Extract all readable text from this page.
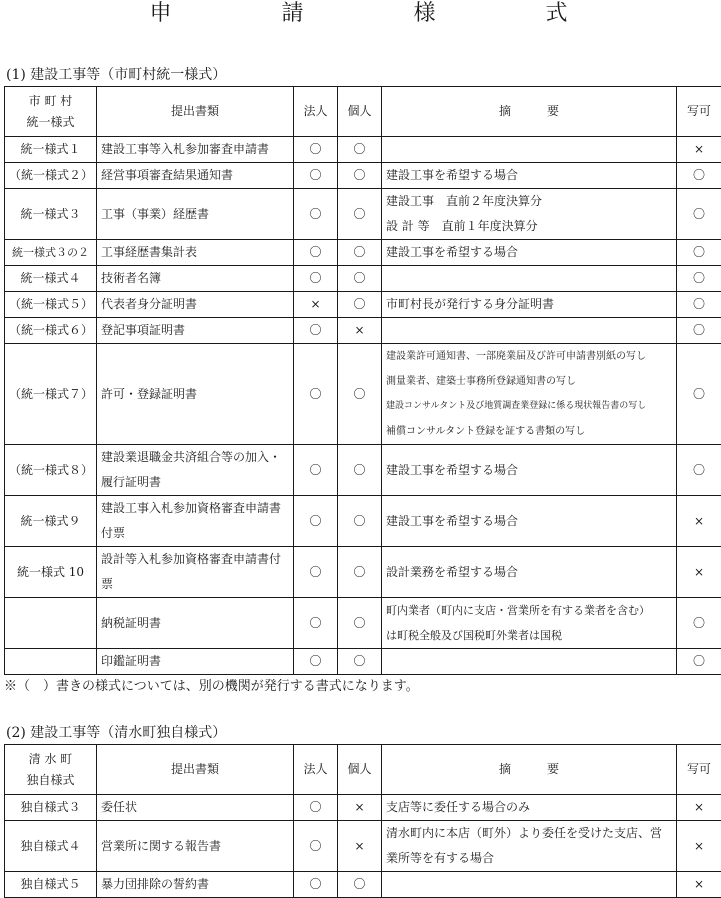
申　請　様　式
(1) 建設工事等（市町村統一様式）
市 町 村
統一様式	提出書類	法人	個人	摘　　　要	写可
統一様式１	建設工事等入札参加審査申請書	〇	〇		×
（統一様式２）	経営事項審査結果通知書	〇	〇	建設工事を希望する場合	〇
統一様式３	工事（事業）経歴書	〇	〇	建設工事　直前２年度決算分
設 計 等　直前１年度決算分	〇
統一様式３の２	工事経歴書集計表	〇	〇	建設工事を希望する場合	〇
統一様式４	技術者名簿	〇	〇		〇
（統一様式５）	代表者身分証明書	×	〇	市町村長が発行する身分証明書	〇
（統一様式６）	登記事項証明書	〇	×		〇
（統一様式７）	許可・登録証明書	〇	〇	建設業許可通知書、一部廃業届及び許可申請書別紙の写し
測量業者、建築士事務所登録通知書の写し
建設コンサルタント及び地質調査業登録に係る現状報告書の写し
補償コンサルタント登録を証する書類の写し	〇
（統一様式８）	建設業退職金共済組合等の加入・履行証明書	〇	〇	建設工事を希望する場合	〇
統一様式９	建設工事入札参加資格審査申請書付票	〇	〇	建設工事を希望する場合	×
統一様式 10	設計等入札参加資格審査申請書付票	〇	〇	設計業務を希望する場合	×
	納税証明書	〇	〇	町内業者（町内に支店・営業所を有する業者を含む）
は町税全般及び国税町外業者は国税	〇
	印鑑証明書	〇	〇		〇
※（　）書きの様式については、別の機関が発行する書式になります。
(2) 建設工事等（清水町独自様式）
清 水 町
独自様式	提出書類	法人	個人	摘　　　要	写可
独自様式３	委任状	〇	×	支店等に委任する場合のみ	×
独自様式４	営業所に関する報告書	〇	×	清水町内に本店（町外）より委任を受けた支店、営業所等を有する場合	×
独自様式５	暴力団排除の誓約書	〇	〇		×
